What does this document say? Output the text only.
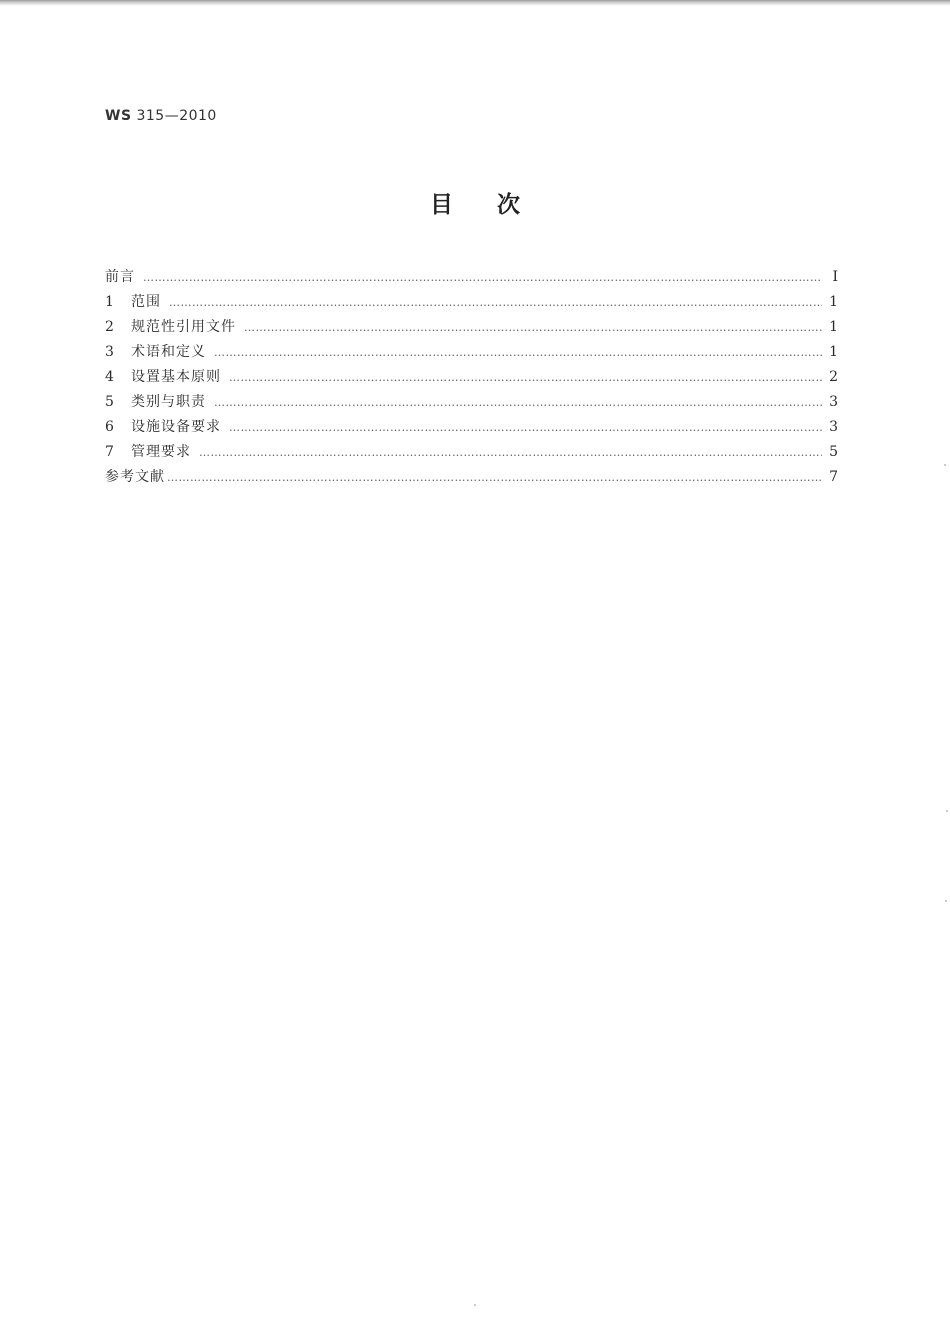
WS 315—2010
目次
前言 …………………………………………………………………………………………………………………………………………………………………………………………………………	I
1	范围 …………………………………………………………………………………………………………………………………………………………………………………………………………	1
2	规范性引用文件 …………………………………………………………………………………………………………………………………………………………………………………………………………	1
3	术语和定义 …………………………………………………………………………………………………………………………………………………………………………………………………………	1
4	设置基本原则 …………………………………………………………………………………………………………………………………………………………………………………………………………	2
5	类别与职责 …………………………………………………………………………………………………………………………………………………………………………………………………………	3
6	设施设备要求 …………………………………………………………………………………………………………………………………………………………………………………………………………	3
7	管理要求 …………………………………………………………………………………………………………………………………………………………………………………………………………	5
参考文献 …………………………………………………………………………………………………………………………………………………………………………………………………………	7
